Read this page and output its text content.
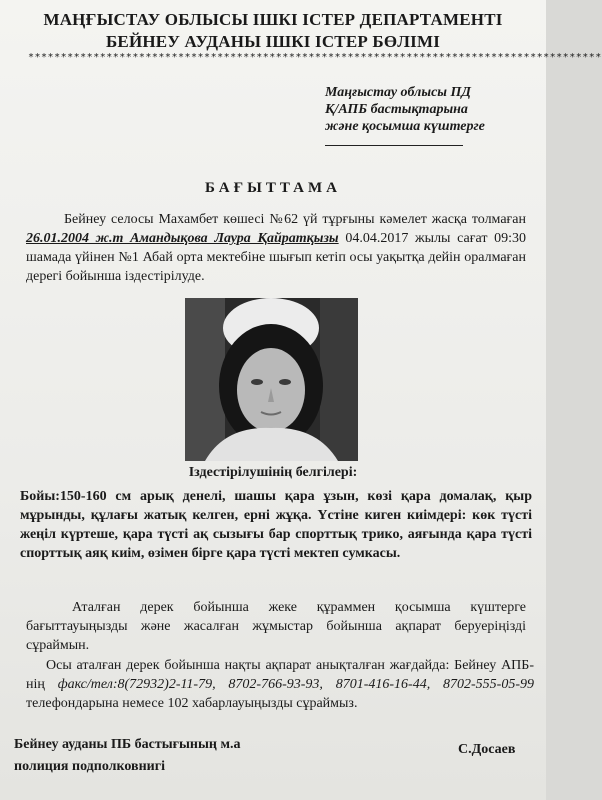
МАҢҒЫСТАУ ОБЛЫСЫ ІШКІ ІСТЕР ДЕПАРТАМЕНТІ
БЕЙНЕУ АУДАНЫ ІШКІ ІСТЕР БӨЛІМІ
****************************************************************************************
Маңғыстау облысы ПД
Қ/АПБ бастықтарына
және қосымша күштерге
БАҒЫТТАМА
Бейнеу селосы Махамбет көшесі №62 үй тұрғыны кәмелет жасқа толмаған 26.01.2004 ж.т Амандықова Лаура Қайратқызы 04.04.2017 жылы сағат 09:30 шамада үйінен №1 Абай орта мектебіне шығып кетіп осы уақытқа дейін оралмаған дерегі бойынша іздестірілуде.
Іздестірілушінің белгілері:
Бойы:150-160 см арық денелі, шашы қара ұзын, көзі қара домалақ, қыр мұрынды, құлағы жатық келген, ерні жұқа. Үстіне киген киімдері: көк түсті жеңіл күртеше, қара түсті ақ сызығы бар спорттық трико, аяғында қара түсті спорттық аяқ киім, өзімен бірге қара түсті мектеп сумкасы.
Аталған дерек бойынша жеке құраммен қосымша күштерге бағыттауыңызды және жасалған жұмыстар бойынша ақпарат беруеріңізді сұраймын.
Осы аталған дерек бойынша нақты ақпарат анықталған жағдайда: Бейнеу АПБ-нің факс/тел:8(72932)2-11-79, 8702-766-93-93, 8701-416-16-44, 8702-555-05-99 телефондарына немесе 102 хабарлауыңызды сұраймыз.
Бейнеу ауданы ПБ бастығының м.а
полиция подполковнигі
С.Досаев
